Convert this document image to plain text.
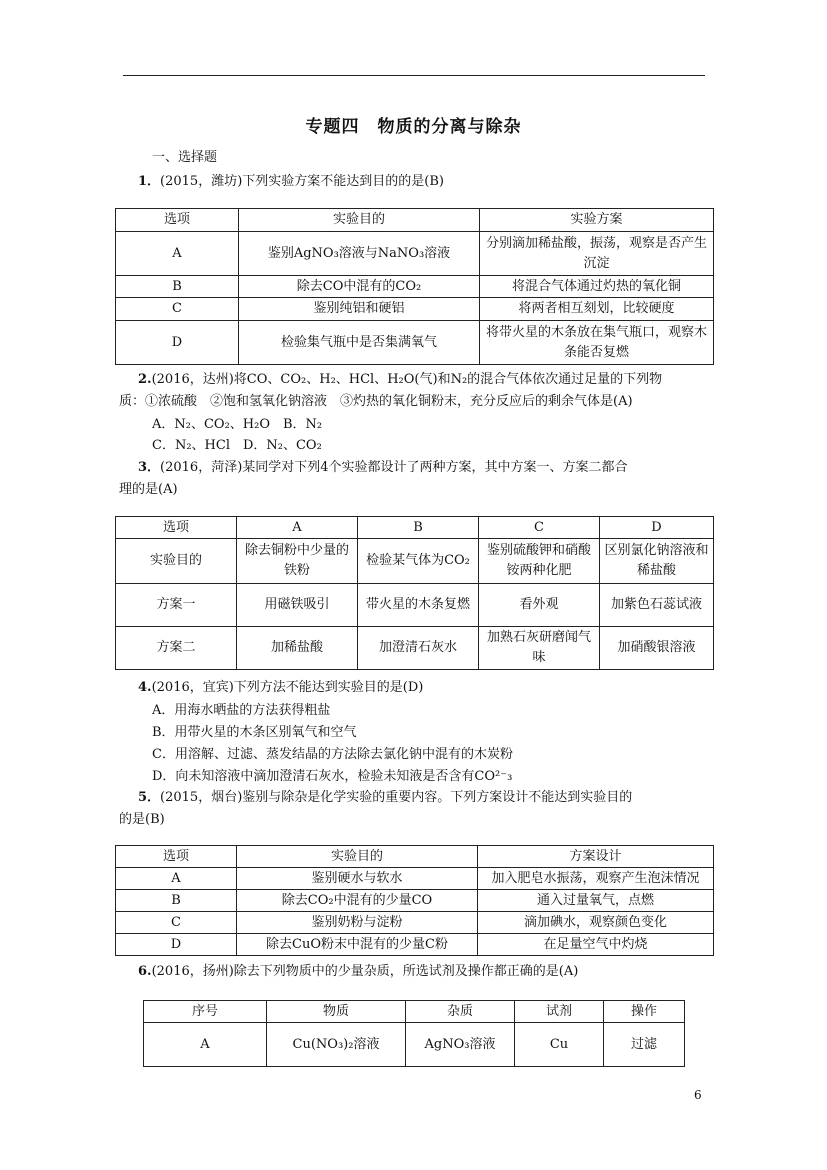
专题四　物质的分离与除杂
一、选择题
1．(2015，潍坊)下列实验方案不能达到目的的是(B)
选项	实验目的	实验方案
A	鉴别AgNO₃溶液与NaNO₃溶液	分别滴加稀盐酸，振荡，观察是否产生沉淀
B	除去CO中混有的CO₂	将混合气体通过灼热的氧化铜
C	鉴别纯铝和硬铝	将两者相互刻划，比较硬度
D	检验集气瓶中是否集满氧气	将带火星的木条放在集气瓶口，观察木条能否复燃
2.(2016，达州)将CO、CO₂、H₂、HCl、H₂O(气)和N₂的混合气体依次通过足量的下列物
质：①浓硫酸　②饱和氢氧化钠溶液　③灼热的氧化铜粉末，充分反应后的剩余气体是(A)
A．N₂、CO₂、H₂O　B．N₂
C．N₂、HCl　D．N₂、CO₂
3．(2016，菏泽)某同学对下列4个实验都设计了两种方案，其中方案一、方案二都合
理的是(A)
选项	A	B	C	D
实验目的	除去铜粉中少量的铁粉	检验某气体为CO₂	鉴别硫酸钾和硝酸铵两种化肥	区别氯化钠溶液和稀盐酸
方案一	用磁铁吸引	带火星的木条复燃	看外观	加紫色石蕊试液
方案二	加稀盐酸	加澄清石灰水	加熟石灰研磨闻气味	加硝酸银溶液
4.(2016，宜宾)下列方法不能达到实验目的是(D)
A．用海水晒盐的方法获得粗盐
B．用带火星的木条区别氧气和空气
C．用溶解、过滤、蒸发结晶的方法除去氯化钠中混有的木炭粉
D．向未知溶液中滴加澄清石灰水，检验未知液是否含有CO²⁻₃
5．(2015，烟台)鉴别与除杂是化学实验的重要内容。下列方案设计不能达到实验目的
的是(B)
选项	实验目的	方案设计
A	鉴别硬水与软水	加入肥皂水振荡，观察产生泡沫情况
B	除去CO₂中混有的少量CO	通入过量氧气，点燃
C	鉴别奶粉与淀粉	滴加碘水，观察颜色变化
D	除去CuO粉末中混有的少量C粉	在足量空气中灼烧
6.(2016，扬州)除去下列物质中的少量杂质，所选试剂及操作都正确的是(A)
序号	物质	杂质	试剂	操作
A	Cu(NO₃)₂溶液	AgNO₃溶液	Cu	过滤
6
